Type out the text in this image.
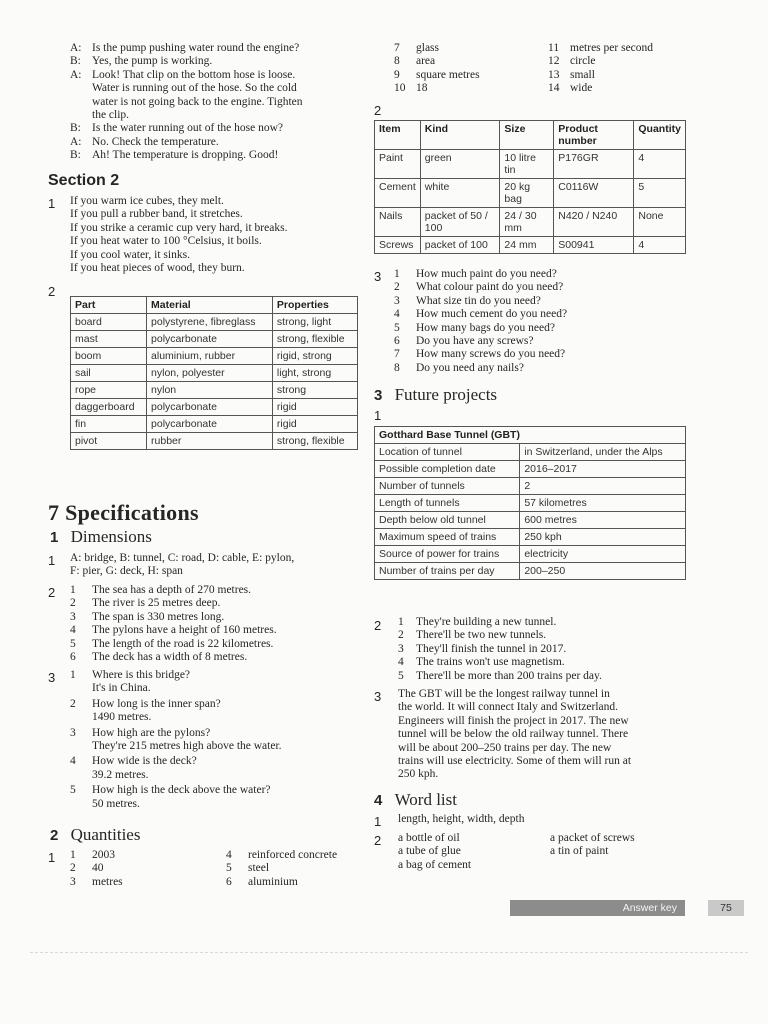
A: Is the pump pushing water round the engine?
B: Yes, the pump is working.
A: Look! That clip on the bottom hose is loose.
Water is running out of the hose. So the cold
water is not going back to the engine. Tighten
the clip.
B: Is the water running out of the hose now?
A: No. Check the temperature.
B: Ah! The temperature is dropping. Good!
Section 2
1 If you warm ice cubes, they melt.
If you pull a rubber band, it stretches.
If you strike a ceramic cup very hard, it breaks.
If you heat water to 100 °Celsius, it boils.
If you cool water, it sinks.
If you heat pieces of wood, they burn.
2
Part	Material	Properties
board	polystyrene, fibreglass	strong, light
mast	polycarbonate	strong, flexible
boom	aluminium, rubber	rigid, strong
sail	nylon, polyester	light, strong
rope	nylon	strong
daggerboard	polycarbonate	rigid
fin	polycarbonate	rigid
pivot	rubber	strong, flexible
7 Specifications
1 Dimensions
1 A: bridge, B: tunnel, C: road, D: cable, E: pylon,
F: pier, G: deck, H: span
2 1	The sea has a depth of 270 metres.
2	The river is 25 metres deep.
3	The span is 330 metres long.
4	The pylons have a height of 160 metres.
5	The length of the road is 22 kilometres.
6	The deck has a width of 8 metres.
3 1	Where is this bridge?
It's in China.
2	How long is the inner span?
1490 metres.
3	How high are the pylons?
They're 215 metres high above the water.
4	How wide is the deck?
39.2 metres.
5	How high is the deck above the water?
50 metres.
2 Quantities
1 1	2003
2	40
3	metres
4	reinforced concrete
5	steel
6	aluminium
7	glass
8	area
9	square metres
10 18
11 metres per second
12 circle
13 small
14 wide
2
Item	Kind	Size	Product number	Quantity
Paint	green	10 litre tin	P176GR	4
Cement	white	20 kg bag	C0116W	5
Nails	packet of 50 / 100	24 / 30 mm	N420 / N240	None
Screws	packet of 100	24 mm	S00941	4
3 1	How much paint do you need?
2	What colour paint do you need?
3	What size tin do you need?
4	How much cement do you need?
5	How many bags do you need?
6	Do you have any screws?
7	How many screws do you need?
8	Do you need any nails?
3 Future projects
1
Gotthard Base Tunnel (GBT)	
Location of tunnel	in Switzerland, under the Alps
Possible completion date	2016–2017
Number of tunnels	2
Length of tunnels	57 kilometres
Depth below old tunnel	600 metres
Maximum speed of trains	250 kph
Source of power for trains	electricity
Number of trains per day	200–250
2 1	They're building a new tunnel.
2	There'll be two new tunnels.
3	They'll finish the tunnel in 2017.
4	The trains won't use magnetism.
5	There'll be more than 200 trains per day.
3 The GBT will be the longest railway tunnel in
the world. It will connect Italy and Switzerland.
Engineers will finish the project in 2017. The new
tunnel will be below the old railway tunnel. There
will be about 200–250 trains per day. The new
trains will use electricity. Some of them will run at
250 kph.
4 Word list
1 length, height, width, depth
2 a bottle of oil
a tube of glue
a bag of cement
a packet of screws
a tin of paint
Answer key	75
